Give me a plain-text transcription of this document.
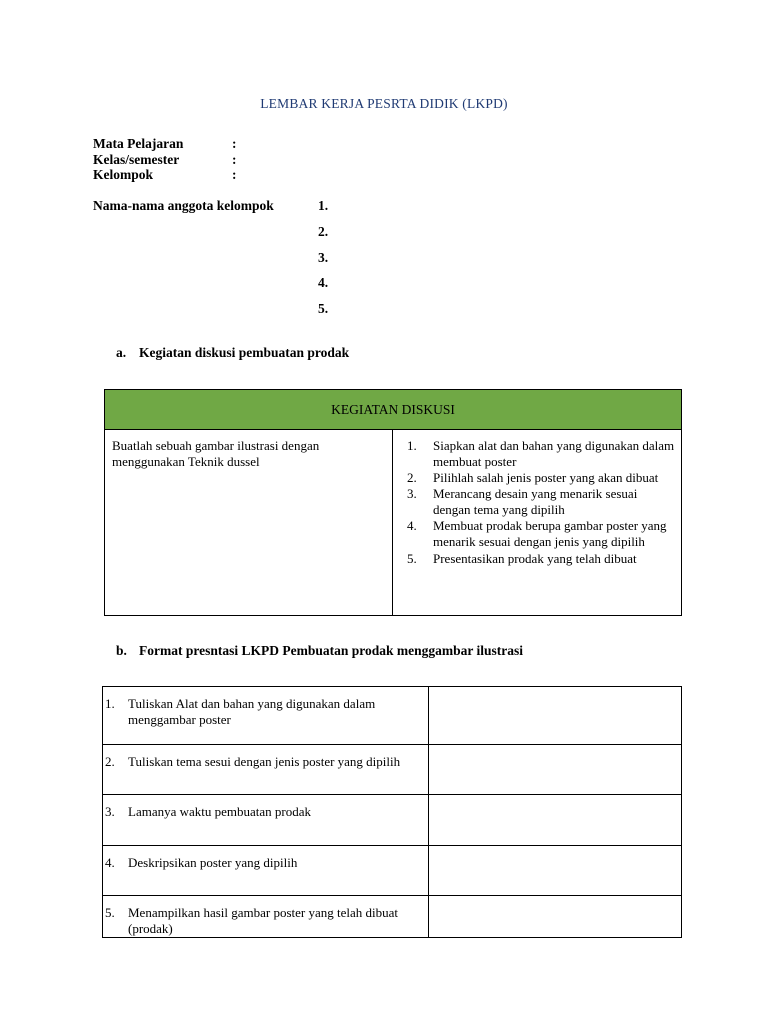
LEMBAR KERJA PESRTA DIDIK (LKPD)
Mata Pelajaran	:
Kelas/semester	:
Kelompok	:
Nama-nama anggota kelompok	1.
2.
3.
4.
5.
a. Kegiatan diskusi pembuatan prodak
KEGIATAN DISKUSI
Buatlah sebuah gambar ilustrasi dengan menggunakan Teknik dussel	
1. Siapkan alat dan bahan yang digunakan dalam membuat poster
2. Pilihlah salah jenis poster yang akan dibuat
3. Merancang desain yang menarik sesuai dengan tema yang dipilih
4. Membuat prodak berupa gambar poster yang menarik sesuai dengan jenis yang dipilih
5. Presentasikan prodak yang telah dibuat
b. Format presntasi LKPD Pembuatan prodak menggambar ilustrasi
1. Tuliskan Alat dan bahan yang digunakan dalam menggambar poster	

2. Tuliskan tema sesui dengan jenis poster yang dipilih	

3. Lamanya waktu pembuatan prodak	

4. Deskripsikan poster yang dipilih	

5. Menampilkan hasil gambar poster yang telah dibuat (prodak)	
